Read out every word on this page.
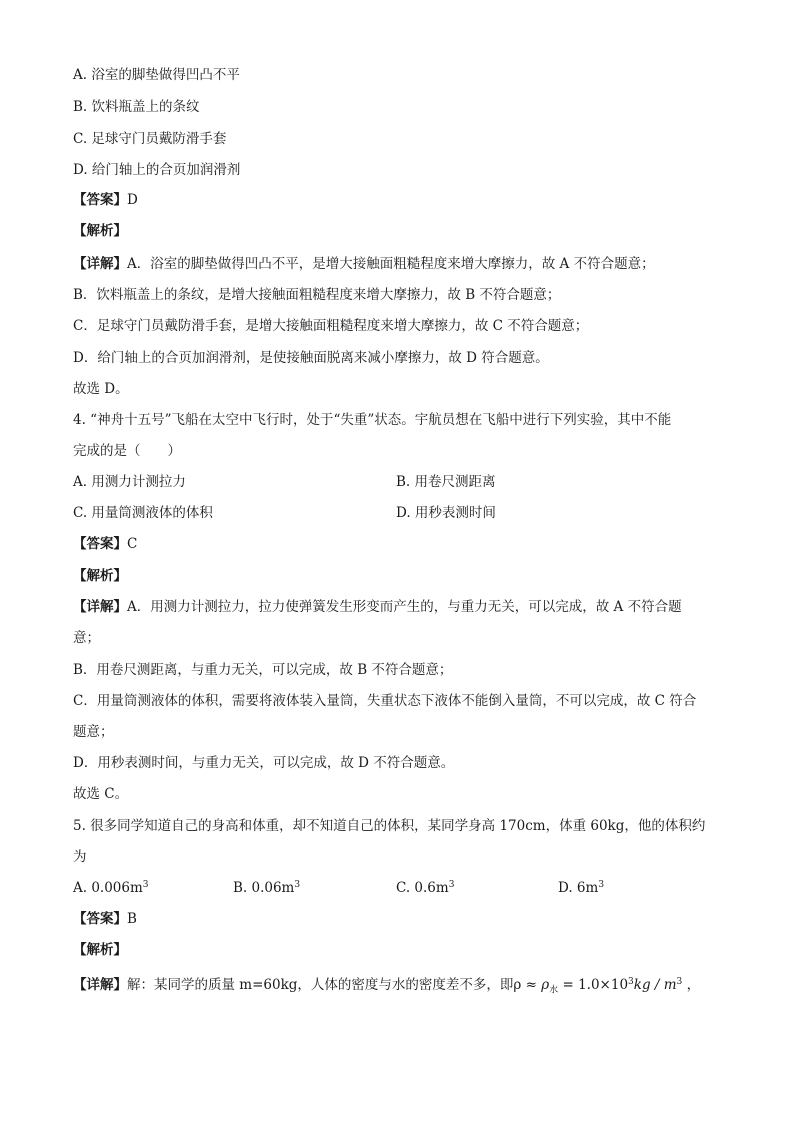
A. 浴室的脚垫做得凹凸不平
B. 饮料瓶盖上的条纹
C. 足球守门员戴防滑手套
D. 给门轴上的合页加润滑剂
【答案】D
【解析】
【详解】A．浴室的脚垫做得凹凸不平，是增大接触面粗糙程度来增大摩擦力，故 A 不符合题意；
B．饮料瓶盖上的条纹，是增大接触面粗糙程度来增大摩擦力，故 B 不符合题意；
C．足球守门员戴防滑手套，是增大接触面粗糙程度来增大摩擦力，故 C 不符合题意；
D．给门轴上的合页加润滑剂，是使接触面脱离来减小摩擦力，故 D 符合题意。
故选 D。
4. “神舟十五号”飞船在太空中飞行时，处于“失重”状态。宇航员想在飞船中进行下列实验，其中不能
完成的是（　　）
A. 用测力计测拉力	B. 用卷尺测距离
C. 用量筒测液体的体积	D. 用秒表测时间
【答案】C
【解析】
【详解】A．用测力计测拉力，拉力使弹簧发生形变而产生的，与重力无关，可以完成，故 A 不符合题
意；
B．用卷尺测距离，与重力无关，可以完成，故 B 不符合题意；
C．用量筒测液体的体积，需要将液体装入量筒，失重状态下液体不能倒入量筒，不可以完成，故 C 符合
题意；
D．用秒表测时间，与重力无关，可以完成，故 D 不符合题意。
故选 C。
5. 很多同学知道自己的身高和体重，却不知道自己的体积，某同学身高 170cm，体重 60kg，他的体积约
为
A. $0.006m^3$	B. $0.06m^3$	C. $0.6m^3$	D. $6m^3$
【答案】B
【解析】
【详解】解：某同学的质量 m=60kg，人体的密度与水的密度差不多，即$\rho \approx \rho_水 = 1.0\times 10^3kg / m^3$ ，
